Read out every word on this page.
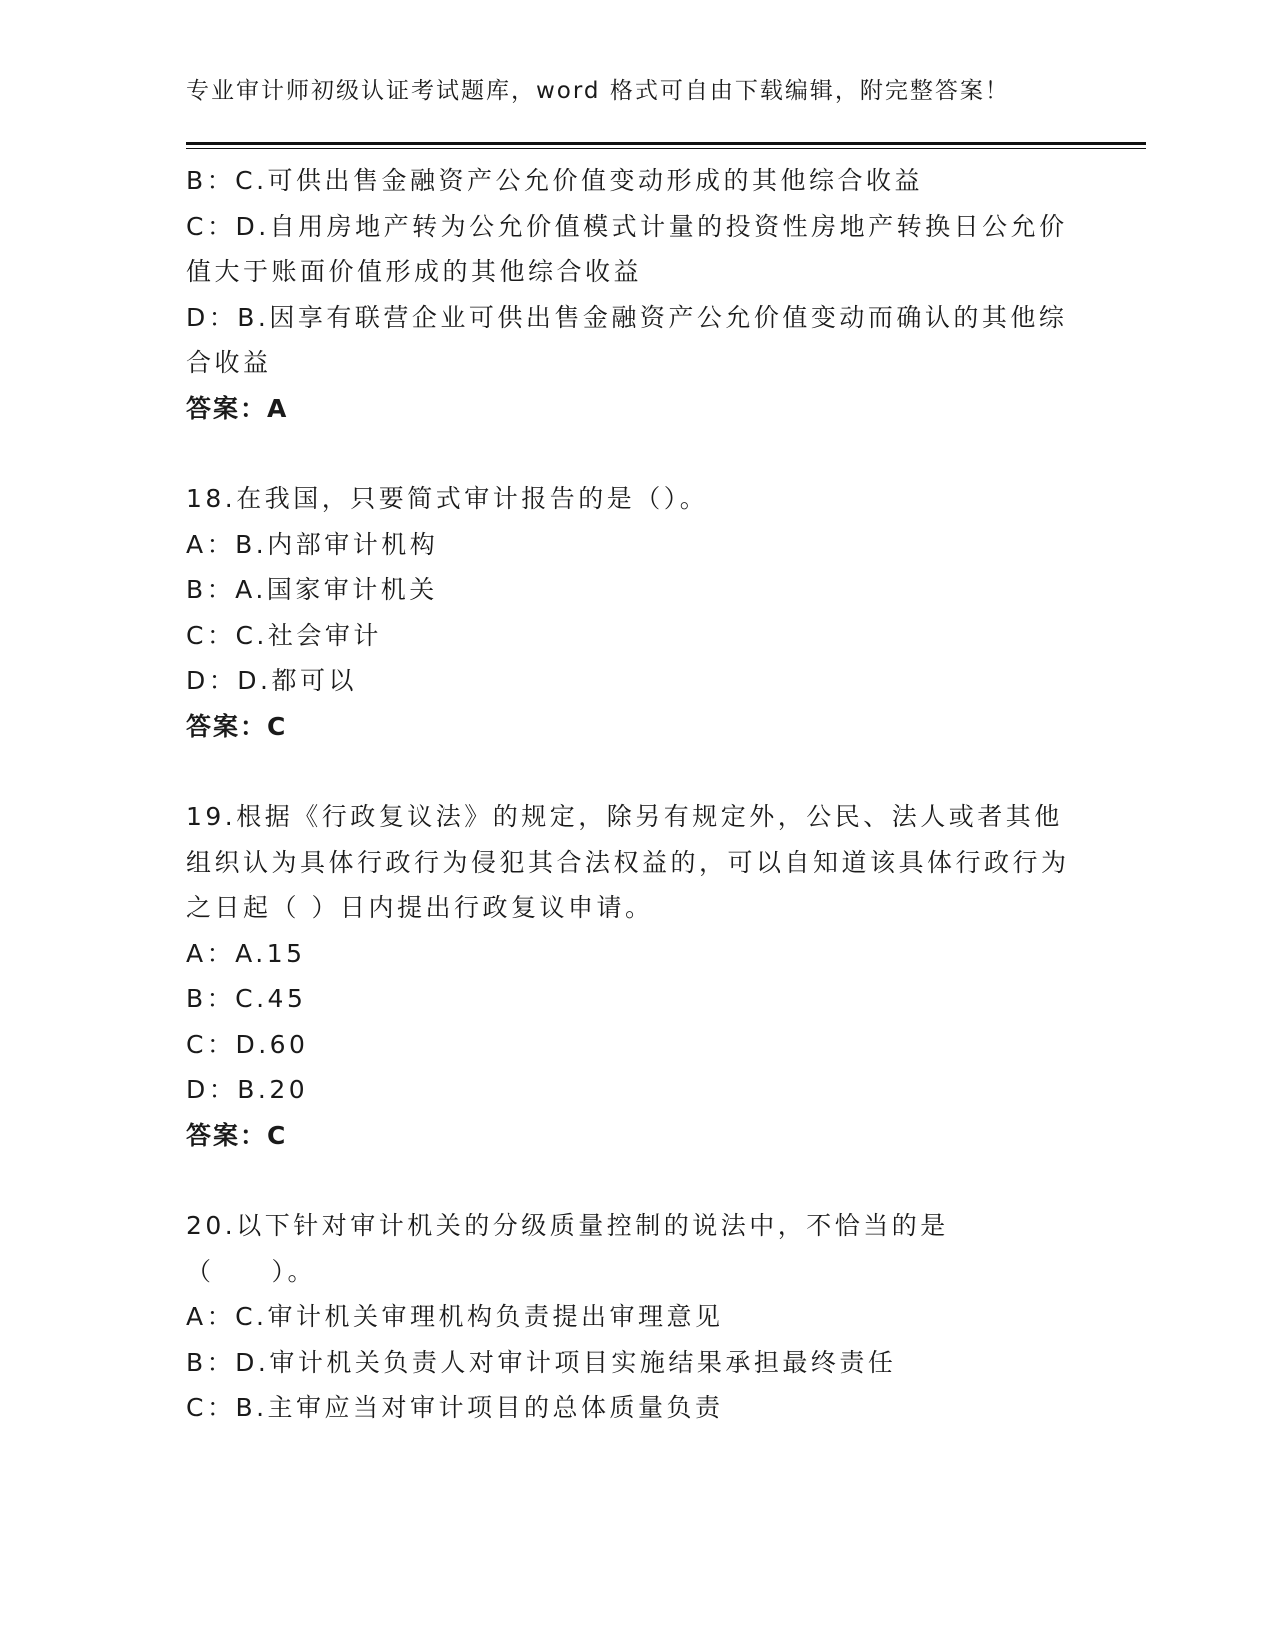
专业审计师初级认证考试题库，word 格式可自由下载编辑，附完整答案！

B：C.可供出售金融资产公允价值变动形成的其他综合收益

C：D.自用房地产转为公允价值模式计量的投资性房地产转换日公允价值大于账面价值形成的其他综合收益

D：B.因享有联营企业可供出售金融资产公允价值变动而确认的其他综合收益

答案：A

18.在我国，只要简式审计报告的是（）。

A：B.内部审计机构

B：A.国家审计机关

C：C.社会审计

D：D.都可以

答案：C

19.根据《行政复议法》的规定，除另有规定外，公民、法人或者其他组织认为具体行政行为侵犯其合法权益的，可以自知道该具体行政行为之日起（ ）日内提出行政复议申请。

A：A.15

B：C.45

C：D.60

D：B.20

答案：C

20.以下针对审计机关的分级质量控制的说法中，不恰当的是（　　）。

A：C.审计机关审理机构负责提出审理意见

B：D.审计机关负责人对审计项目实施结果承担最终责任

C：B.主审应当对审计项目的总体质量负责
